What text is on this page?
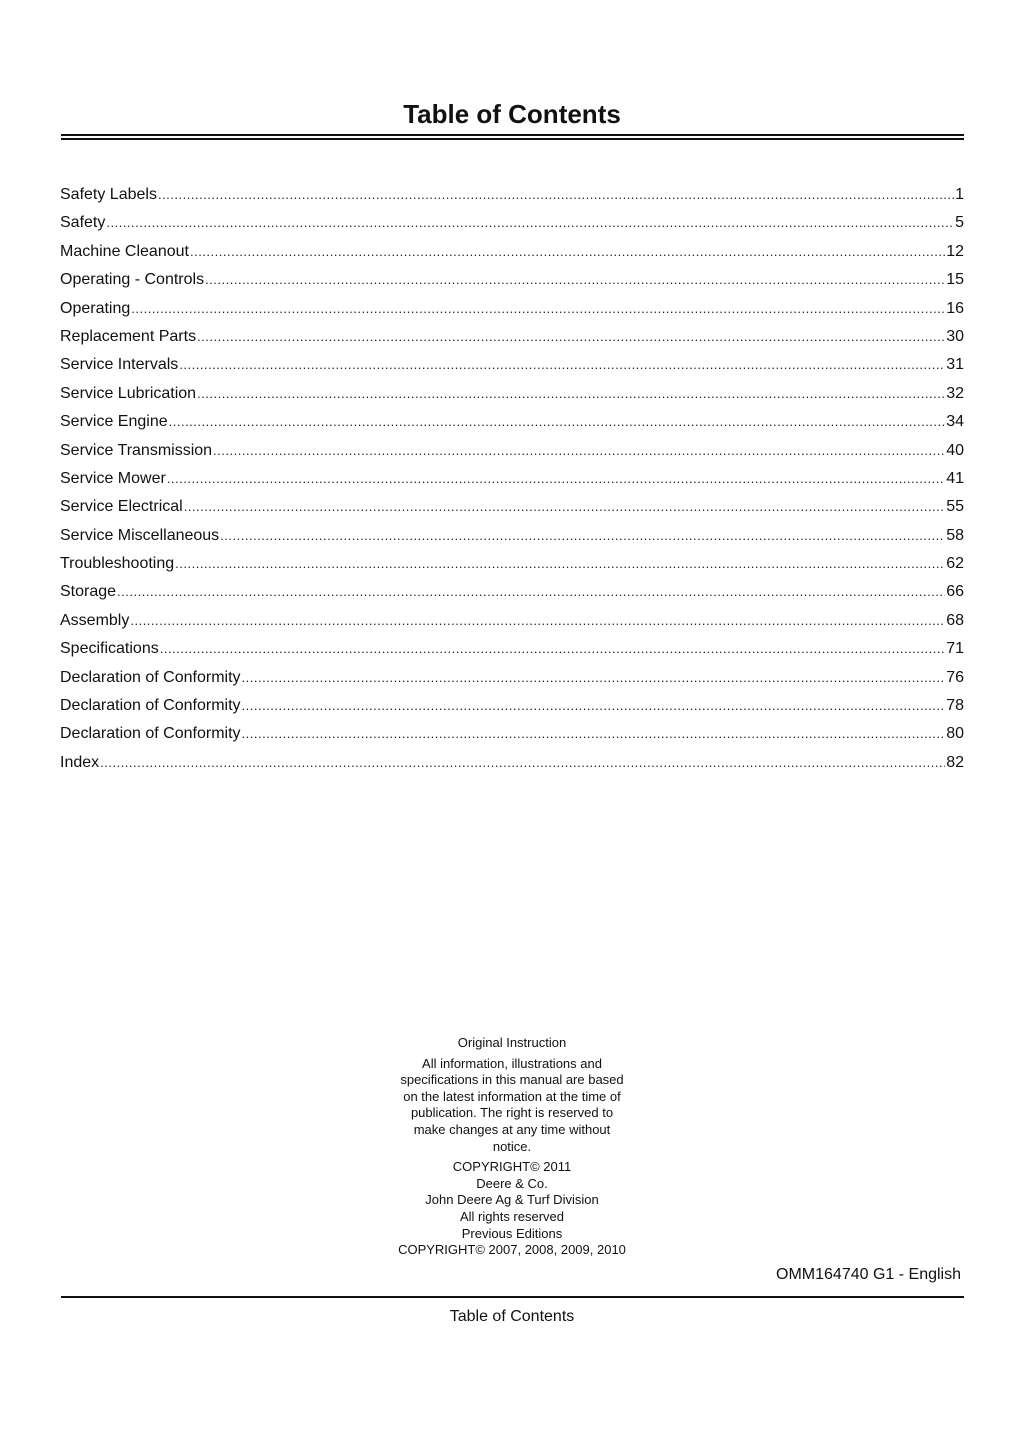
Table of Contents
Safety Labels .....	1
Safety .....	5
Machine Cleanout .....	12
Operating - Controls .....	15
Operating .....	16
Replacement Parts .....	30
Service Intervals .....	31
Service Lubrication .....	32
Service Engine .....	34
Service Transmission .....	40
Service Mower .....	41
Service Electrical .....	55
Service Miscellaneous .....	58
Troubleshooting .....	62
Storage .....	66
Assembly .....	68
Specifications .....	71
Declaration of Conformity .....	76
Declaration of Conformity .....	78
Declaration of Conformity .....	80
Index .....	82

Original Instruction

All information, illustrations and

specifications in this manual are based

on the latest information at the time of

publication. The right is reserved to

make changes at any time without

notice.

COPYRIGHT© 2011

Deere & Co.

John Deere Ag & Turf Division

All rights reserved

Previous Editions

COPYRIGHT© 2007, 2008, 2009, 2010

OMM164740 G1 - English
Table of Contents
